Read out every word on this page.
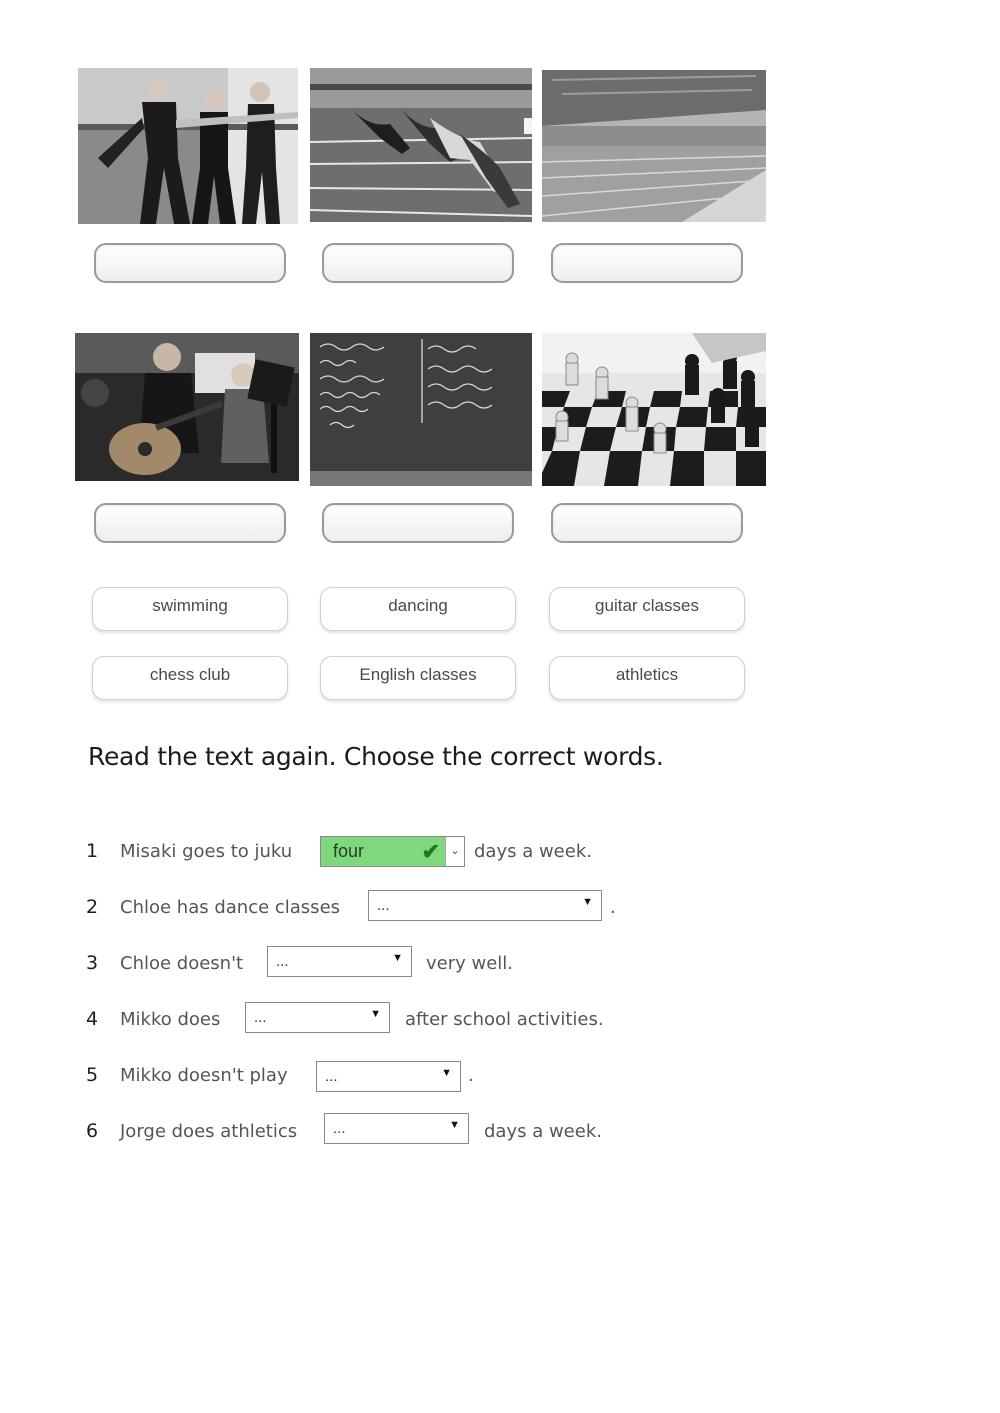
swimming	dancing	guitar classes
chess club	English classes	athletics
Read the text again. Choose the correct words.
1 Misaki goes to juku four	✔ ⌄ days a week.
2 Chloe has dance classes ...	▼ .
3 Chloe doesn't ...	▼ very well.
4 Mikko does ...	▼ after school activities.
5 Mikko doesn't play ...	▼ .
6 Jorge does athletics ...	▼ days a week.
